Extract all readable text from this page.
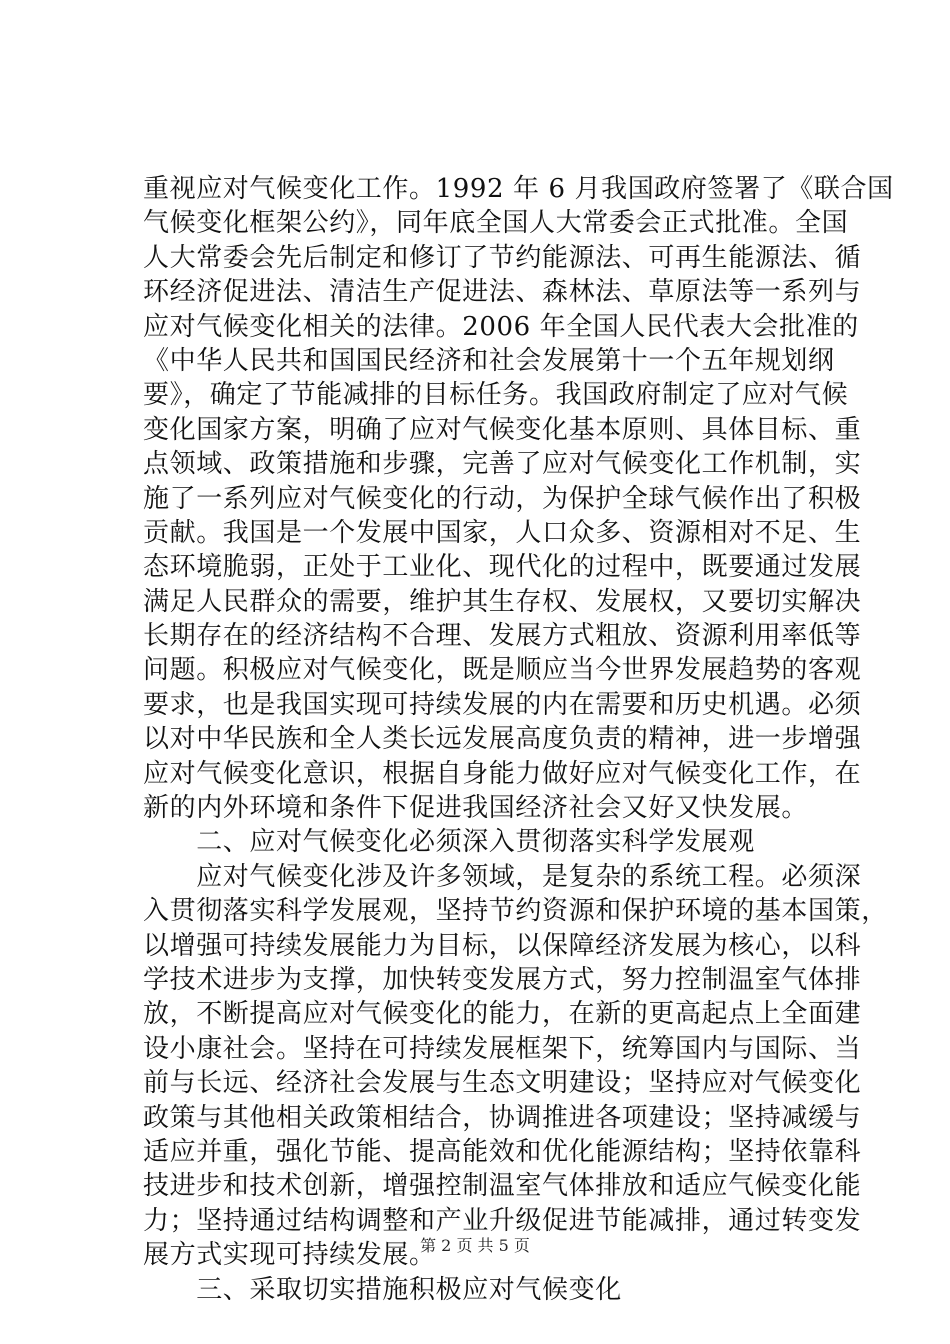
重视应对气候变化工作。1992 年 6 月我国政府签署了《联合国
气候变化框架公约》，同年底全国人大常委会正式批准。全国
人大常委会先后制定和修订了节约能源法、可再生能源法、循
环经济促进法、清洁生产促进法、森林法、草原法等一系列与
应对气候变化相关的法律。2006 年全国人民代表大会批准的
《中华人民共和国国民经济和社会发展第十一个五年规划纲
要》，确定了节能减排的目标任务。我国政府制定了应对气候
变化国家方案，明确了应对气候变化基本原则、具体目标、重
点领域、政策措施和步骤，完善了应对气候变化工作机制，实
施了一系列应对气候变化的行动，为保护全球气候作出了积极
贡献。我国是一个发展中国家，人口众多、资源相对不足、生
态环境脆弱，正处于工业化、现代化的过程中，既要通过发展
满足人民群众的需要，维护其生存权、发展权，又要切实解决
长期存在的经济结构不合理、发展方式粗放、资源利用率低等
问题。积极应对气候变化，既是顺应当今世界发展趋势的客观
要求，也是我国实现可持续发展的内在需要和历史机遇。必须
以对中华民族和全人类长远发展高度负责的精神，进一步增强
应对气候变化意识，根据自身能力做好应对气候变化工作，在
新的内外环境和条件下促进我国经济社会又好又快发展。
　　二、应对气候变化必须深入贯彻落实科学发展观
　　应对气候变化涉及许多领域，是复杂的系统工程。必须深
入贯彻落实科学发展观，坚持节约资源和保护环境的基本国策，
以增强可持续发展能力为目标，以保障经济发展为核心，以科
学技术进步为支撑，加快转变发展方式，努力控制温室气体排
放，不断提高应对气候变化的能力，在新的更高起点上全面建
设小康社会。坚持在可持续发展框架下，统筹国内与国际、当
前与长远、经济社会发展与生态文明建设；坚持应对气候变化
政策与其他相关政策相结合，协调推进各项建设；坚持减缓与
适应并重，强化节能、提高能效和优化能源结构；坚持依靠科
技进步和技术创新，增强控制温室气体排放和适应气候变化能
力；坚持通过结构调整和产业升级促进节能减排，通过转变发
展方式实现可持续发展。
　　三、采取切实措施积极应对气候变化
第 2 页 共 5 页
